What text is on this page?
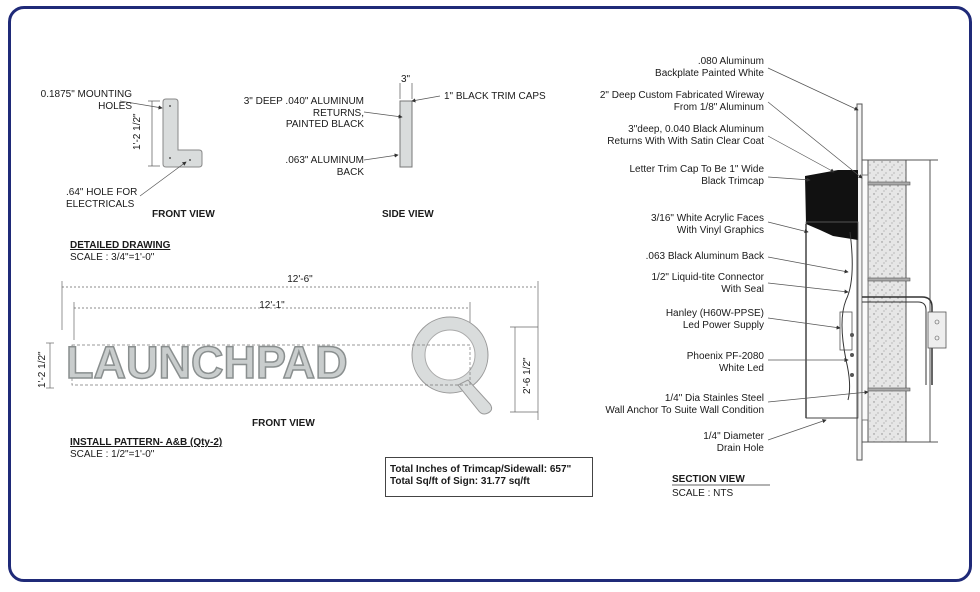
0.1875" MOUNTING
HOLES
1'-2 1/2"
.64" HOLE FOR
ELECTRICALS
FRONT VIEW
3"
3" DEEP .040" ALUMINUM
RETURNS,
PAINTED BLACK
.063" ALUMINUM
BACK
1" BLACK TRIM CAPS
SIDE VIEW
DETAILED DRAWING
SCALE : 3/4"=1'-0"
12'-6"
12'-1"
1'-2 1/2"	2'-6 1/2"
LAUNCHPAD
FRONT VIEW
INSTALL PATTERN- A&B (Qty-2)
SCALE : 1/2"=1'-0"
Total Inches of Trimcap/Sidewall: 657"
Total Sq/ft of Sign: 31.77 sq/ft
.080 Aluminum
Backplate Painted White
2" Deep Custom Fabricated Wireway
From 1/8" Aluminum
3"deep, 0.040 Black Aluminum
Returns With With Satin Clear Coat
Letter Trim Cap To Be 1" Wide
Black Trimcap
3/16" White Acrylic Faces
With Vinyl Graphics
.063 Black Aluminum Back
1/2" Liquid-tite Connector
With Seal
Hanley (H60W-PPSE)
Led Power Supply
Phoenix PF-2080
White Led
1/4" Dia Stainles Steel
Wall Anchor To Suite Wall Condition
1/4" Diameter
Drain Hole
SECTION VIEW
SCALE : NTS
